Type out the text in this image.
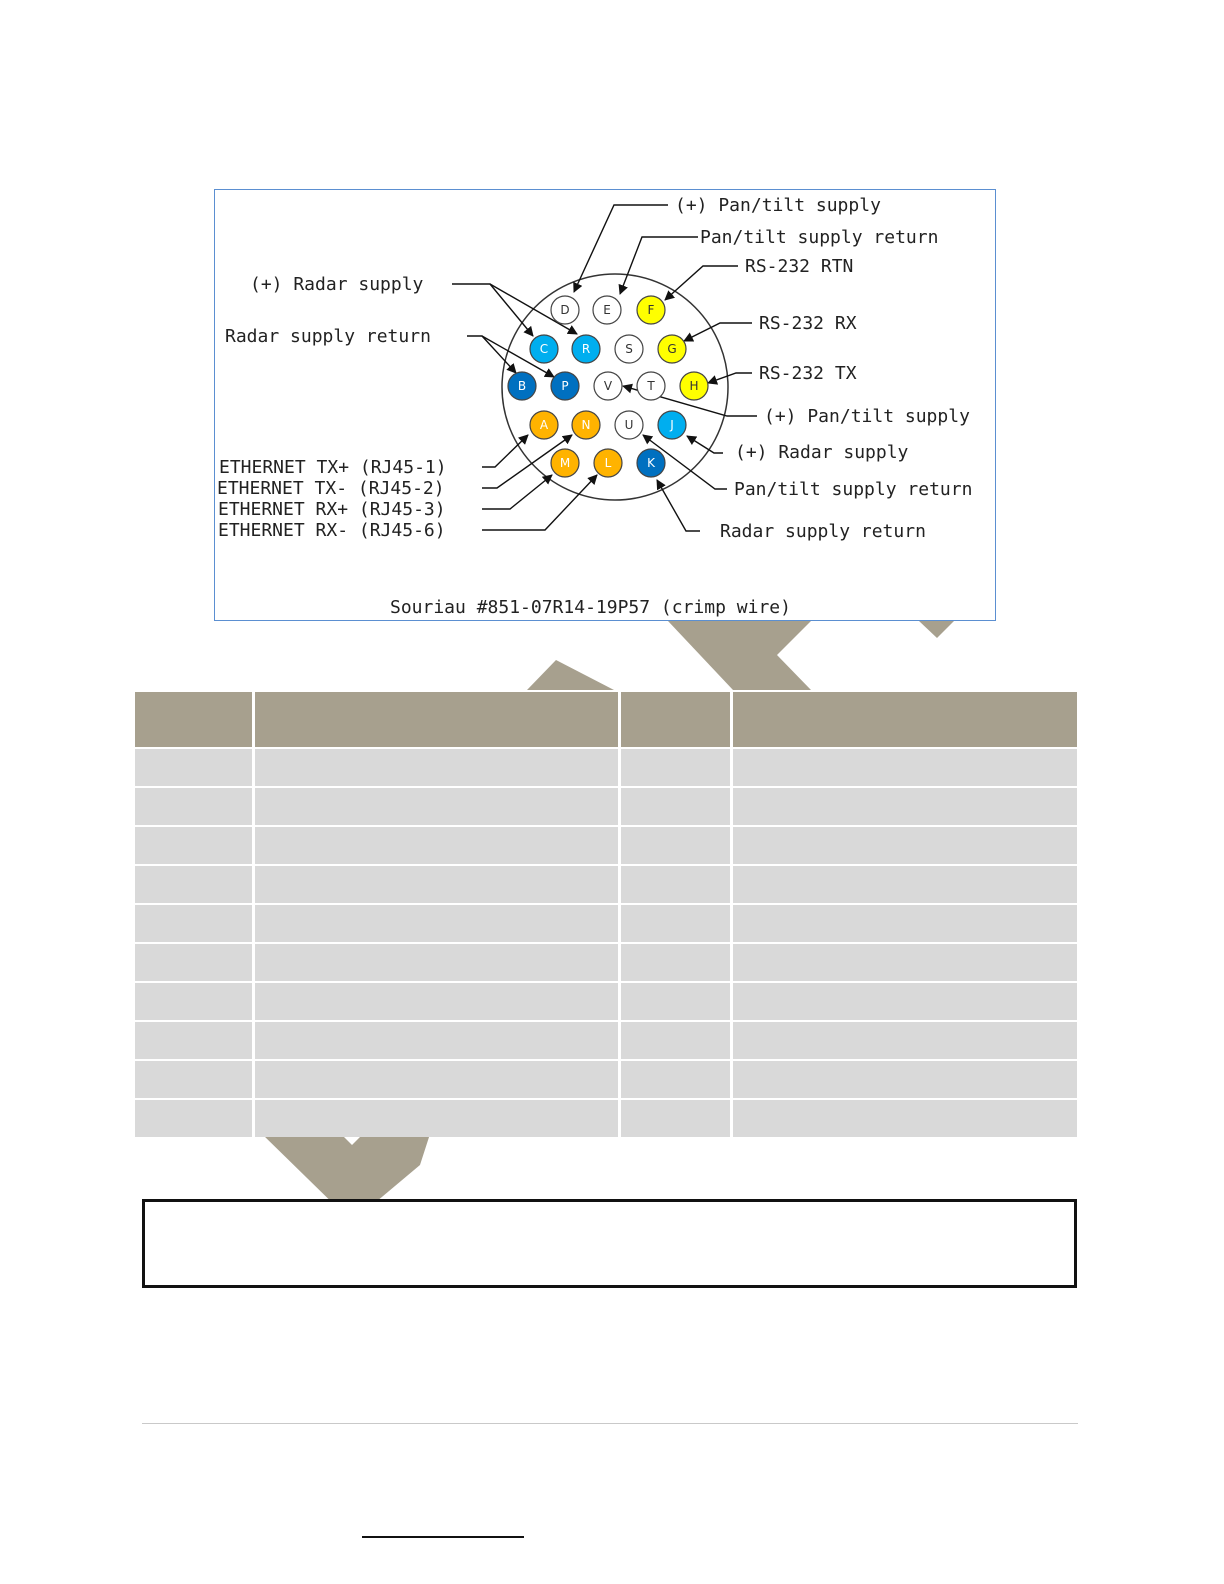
D	E	F
C	R	S	G
B	P	V	T	H
A	N	U	J
M	L	K
(+) Pan/tilt supply
Pan/tilt supply return
RS-232 RTN
(+) Radar supply
RS-232 RX
Radar supply return
RS-232 TX
(+) Pan/tilt supply
(+) Radar supply
ETHERNET TX+ (RJ45-1)
ETHERNET TX- (RJ45-2)	Pan/tilt supply return
ETHERNET RX+ (RJ45-3)
ETHERNET RX- (RJ45-6)	Radar supply return
Souriau #851-07R14-19P57 (crimp wire)
